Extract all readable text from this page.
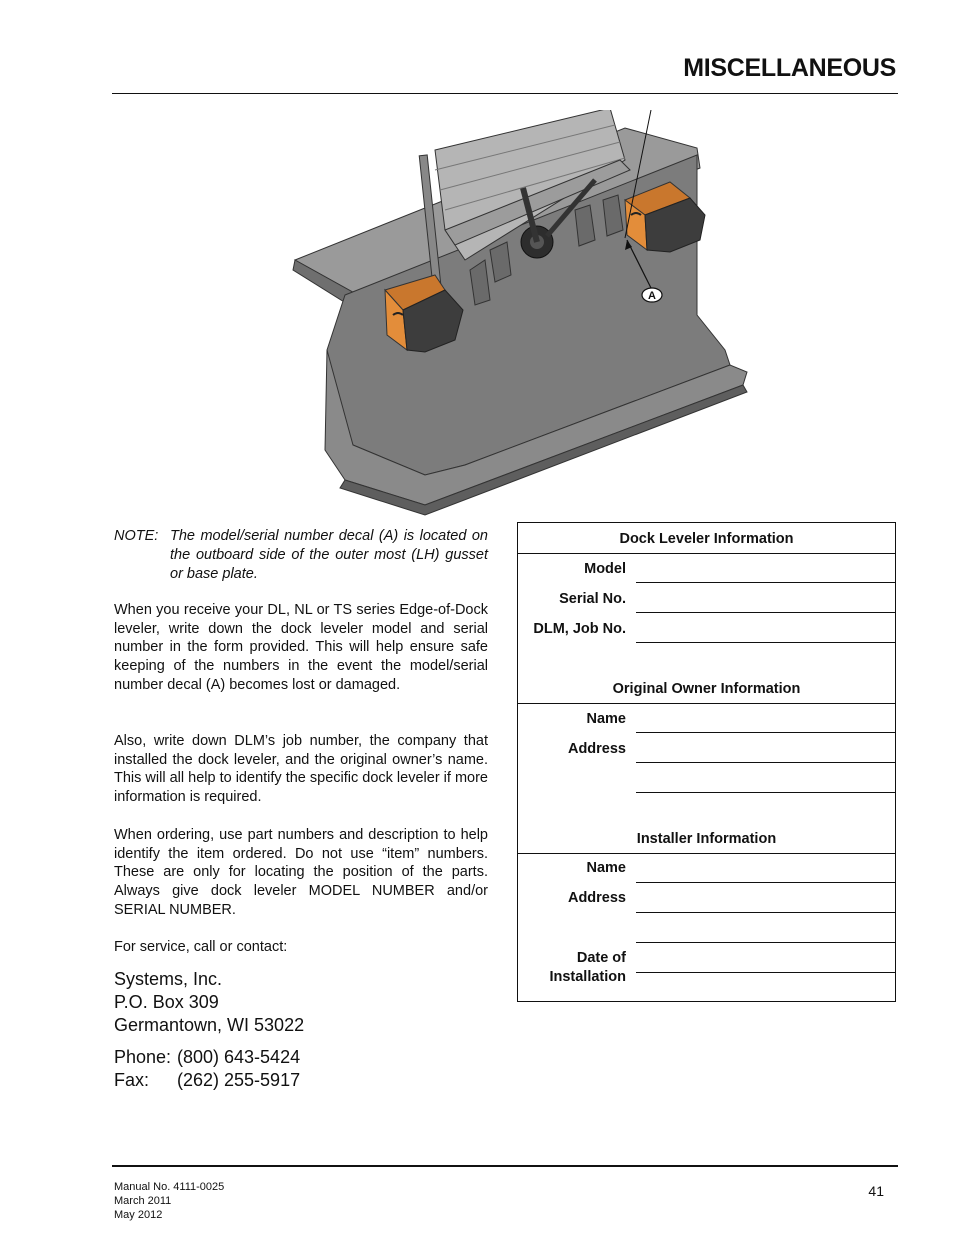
MISCELLANEOUS
A
NOTE: The model/serial number decal (A) is located on the outboard side of the outer most (LH) gusset or base plate.
When you receive your DL, NL or TS series Edge-of-Dock leveler, write down the dock leveler model and serial number in the form provided. This will help ensure safe keeping of the numbers in the event the model/serial number decal (A) becomes lost or damaged.
Also, write down DLM’s job number, the company that installed the dock leveler, and the original owner’s name. This will all help to identify the specific dock leveler if more information is required.
When ordering, use part numbers and description to help identify the item ordered. Do not use “item” numbers. These are only for locating the position of the parts. Always give dock leveler MODEL NUMBER and/or SERIAL NUMBER.
For service, call or contact:
Systems, Inc.
P.O. Box 309
Germantown, WI 53022
Phone: (800) 643-5424
Fax:	(262) 255-5917
Dock Leveler Information
Model
Serial No.
DLM, Job No.
Original Owner Information
Name
Address
Installer Information
Name
Address
Date of
Installation
Manual No. 4111-0025
March 2011
May 2012
41
